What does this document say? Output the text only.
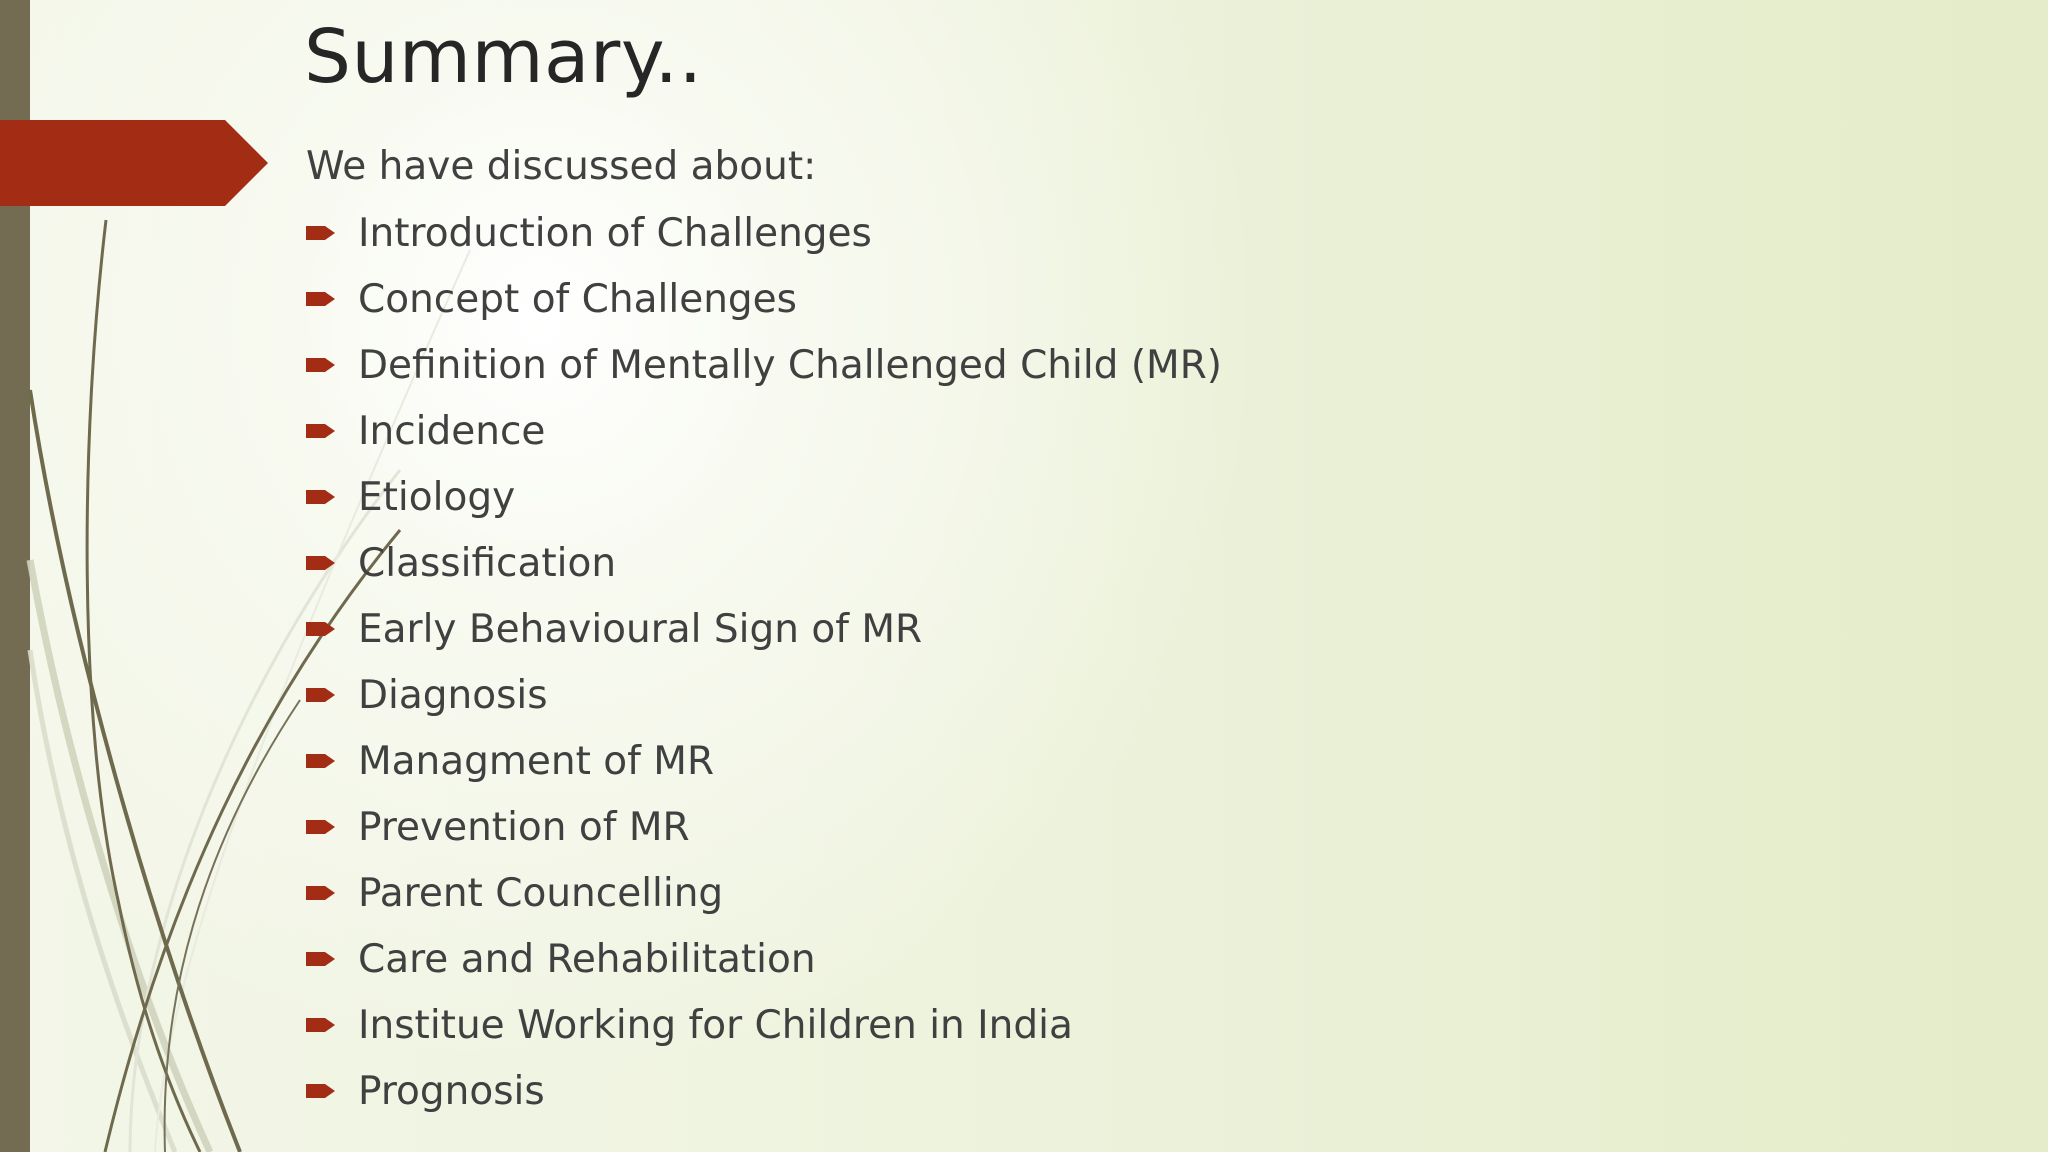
Summary..
We have discussed about:
Introduction of Challenges
Concept of Challenges
Definition of Mentally Challenged Child (MR)
Incidence
Etiology
Classification
Early Behavioural Sign of MR
Diagnosis
Managment of MR
Prevention of MR
Parent Councelling
Care and Rehabilitation
Institue Working for Children in India
Prognosis
